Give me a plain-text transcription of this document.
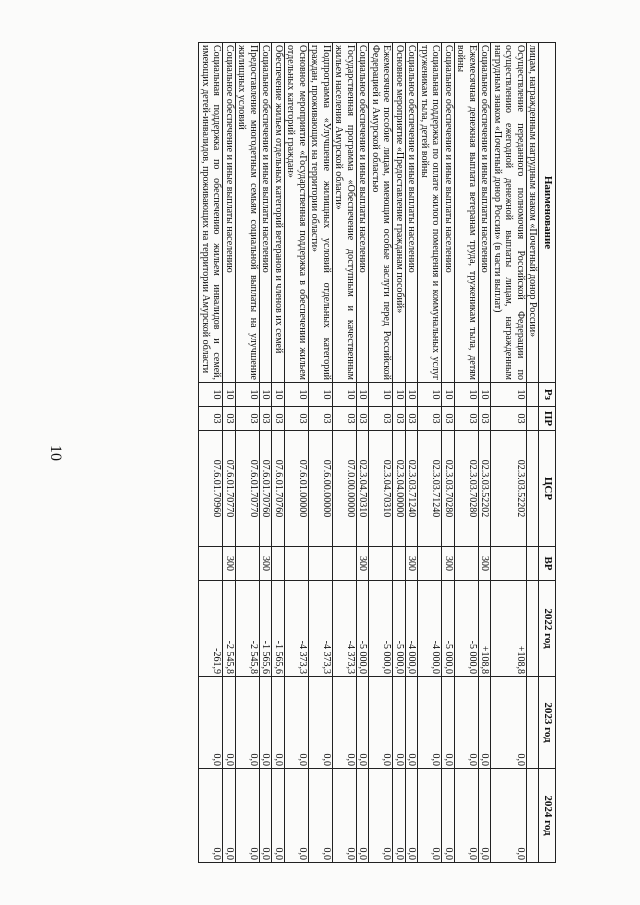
10
Наименование	Рз	ПР	ЦСР	ВР	2022 год	2023 год	2024 год
лицам, награжденным нагрудным знаком «Почетный донор России»							
Осуществление переданного полномочия Российской Федерации по осуществлению ежегодной денежной выплаты лицам, награжденным нагрудным знаком «Почетный донор России» (в части выплат)	10	03	02.3.03.52202		+108,8	0,0	0,0
Социальное обеспечение и иные выплаты населению	10	03	02.3.03.52202	300	+108,8	0,0	0,0
Ежемесячная денежная выплата ветеранам труда, труженикам тыла, детям войны	10	03	02.3.03.70280		-5 000,0	0,0	0,0
Социальное обеспечение и иные выплаты населению	10	03	02.3.03.70280	300	-5 000,0	0,0	0,0
Социальная поддержка по оплате жилого помещения и коммунальных услуг труженикам тыла, детей войны	10	03	02.3.03.71240		-4 000,0	0,0	0,0
Социальное обеспечение и иные выплаты населению	10	03	02.3.03.71240	300	-4 000,0	0,0	0,0
Основное мероприятие «Предоставление гражданам пособий»	10	03	02.3.04.00000		-5 000,0	0,0	0,0
Ежемесячное пособие лицам, имеющим особые заслуги перед Российской Федерацией и Амурской областью	10	03	02.3.04.70310		-5 000,0	0,0	0,0
Социальное обеспечение и иные выплаты населению	10	03	02.3.04.70310	300	-5 000,0	0,0	0,0
Государственная программа «Обеспечение доступным и качественным жильем населения Амурской области»	10	03	07.0.00.00000		-4 373,3	0,0	0,0
Подпрограмма «Улучшение жилищных условий отдельных категорий граждан, проживающих на территории области»	10	03	07.6.00.00000		-4 373,3	0,0	0,0
Основное мероприятие «Государственная поддержка в обеспечении жильем отдельных категорий граждан»	10	03	07.6.01.00000		-4 373,3	0,0	0,0
Обеспечение жильем отдельных категорий ветеранов и членов их семей	10	03	07.6.01.70760		-1 565,6	0,0	0,0
Социальное обеспечение и иные выплаты населению	10	03	07.6.01.70760	300	-1 565,6	0,0	0,0
Предоставление многодетным семьям социальной выплаты на улучшение жилищных условий	10	03	07.6.01.70770		-2 545,8	0,0	0,0
Социальное обеспечение и иные выплаты населению	10	03	07.6.01.70770	300	-2 545,8	0,0	0,0
Социальная поддержка по обеспечению жильем инвалидов и семей, имеющих детей-инвалидов, проживающих на территории Амурской области	10	03	07.6.01.70960		-261,9	0,0	0,0
